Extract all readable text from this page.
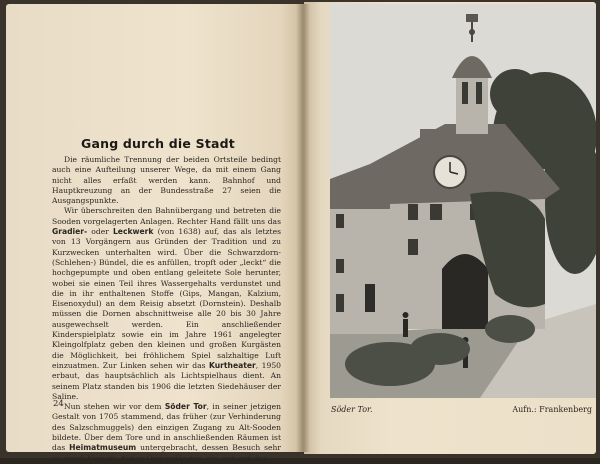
Gang durch die Stadt

Die räumliche Trennung der beiden Ortsteile bedingt auch eine Aufteilung unserer Wege, da mit einem Gang nicht alles erfaßt werden kann. Bahnhof und Hauptkreuzung an der Bundesstraße 27 seien die Ausgangspunkte.

Wir überschreiten den Bahnübergang und betreten die Sooden vorgelagerten Anlagen. Rechter Hand fällt uns das Gradier- oder Leckwerk (von 1638) auf, das als letztes von 13 Vorgängern aus Gründen der Tradition und zu Kurzwecken unterhalten wird. Über die Schwarzdorn-(Schlehen-) Bündel, die es anfüllen, tropft oder „leckt“ die hochgepumpte und oben entlang geleitete Sole herunter, wobei sie einen Teil ihres Wassergehalts verdunstet und die in ihr enthaltenen Stoffe (Gips, Mangan, Kalzium, Eisenoxydul) an dem Reisig absetzt (Dornstein). Deshalb müssen die Dornen abschnittweise alle 20 bis 30 Jahre ausgewechselt werden. Ein anschließender Kinderspielplatz sowie ein im Jahre 1961 angelegter Kleingolfplatz geben den kleinen und großen Kurgästen die Möglichkeit, bei fröhlichem Spiel salzhaltige Luft einzuatmen. Zur Linken sehen wir das Kurtheater, 1950 erbaut, das hauptsächlich als Lichtspielhaus dient. An seinem Platz standen bis 1906 die letzten Siedehäuser der Saline.

Nun stehen wir vor dem Söder Tor, in seiner jetzigen Gestalt von 1705 stammend, das früher (zur Verhinderung des Salzschmuggels) den einzigen Zugang zu Alt-Sooden bildete. Über dem Tore und in anschließenden Räumen ist das Heimatmuseum untergebracht, dessen Besuch sehr zu empfehlen ist. Außer Gegenständen, die sich auf das

24
Söder Tor.	Aufn.: Frankenberg
